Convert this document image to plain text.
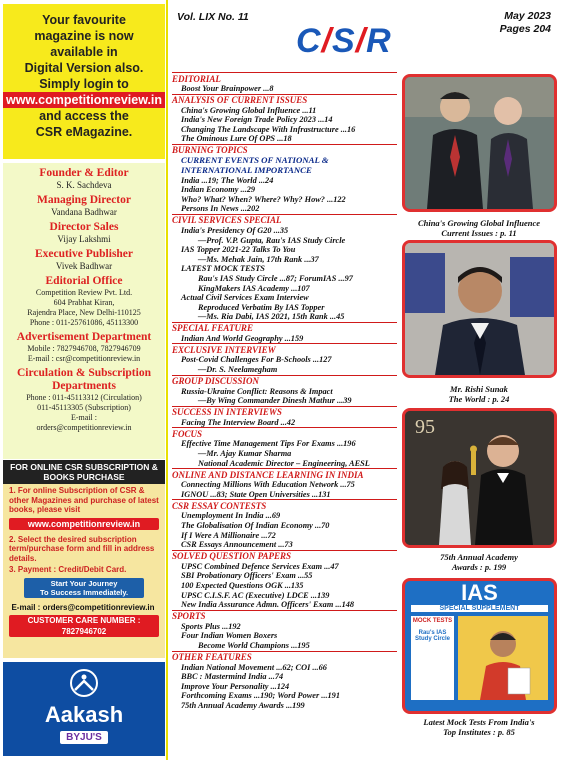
Your favourite
magazine is now
available in
Digital Version also.
Simply login to
www.competitionreview.in
and access the
CSR eMagazine.
Founder & Editor
S. K. Sachdeva
Managing Director
Vandana Badhwar
Director Sales
Vijay Lakshmi
Executive Publisher
Vivek Badhwar
Editorial Office
Competition Review Pvt. Ltd.
604 Prabhat Kiran,
Rajendra Place, New Delhi-110125
Phone : 011-25761086, 45113300
Advertisement Department
Mobile : 7827946708, 7827946709
E-mail : csr@competitionreview.in
Circulation & Subscription Departments
Phone : 011-45113312 (Circulation)
011-45113305 (Subscription)
E-mail :
orders@competitionreview.in
FOR ONLINE CSR SUBSCRIPTION & BOOKS PURCHASE
1. For online Subscription of CSR & other Magazines and purchase of latest books, please visit
www.competitionreview.in
2. Select the desired subscription term/purchase form and fill in address details.
3. Payment : Credit/Debit Card.
Start Your Journey
To Success Immediately.
E-mail : orders@competitionreview.in
CUSTOMER CARE NUMBER :
7827946702
Aakash
BYJU'S
Vol. LIX No. 11
C/S/R
May 2023
Pages 204
EDITORIAL
Boost Your Brainpower ...8
ANALYSIS OF CURRENT ISSUES
China's Growing Global Influence ...11
India's New Foreign Trade Policy 2023 ...14
Changing The Landscape With Infrastructure ...16
The Ominous Lure Of OPS ...18
BURNING TOPICS
CURRENT EVENTS OF NATIONAL &
INTERNATIONAL IMPORTANCE
India ...19; The World ...24
Indian Economy ...29
Who? What? When? Where? Why? How? ...122
Persons In News ...202
CIVIL SERVICES SPECIAL
India's Presidency Of G20 ...35
—Prof. V.P. Gupta, Rau's IAS Study Circle
IAS Topper 2021-22 Talks To You
—Ms. Mehak Jain, 17th Rank ...37
LATEST MOCK TESTS
Rau's IAS Study Circle ...87; ForumIAS ...97
KingMakers IAS Academy ...107
Actual Civil Services Exam Interview
Reproduced Verbatim By IAS Topper
—Ms. Ria Dabi, IAS 2021, 15th Rank ...45
SPECIAL FEATURE
Indian And World Geography ...159
EXCLUSIVE INTERVIEW
Post-Covid Challenges For B-Schools ...127
—Dr. S. Neelamegham
GROUP DISCUSSION
Russia-Ukraine Conflict: Reasons & Impact
—By Wing Commander Dinesh Mathur ...39
SUCCESS IN INTERVIEWS
Facing The Interview Board ...42
FOCUS
Effective Time Management Tips For Exams ...196
—Mr. Ajay Kumar Sharma
National Academic Director – Engineering, AESL
ONLINE AND DISTANCE LEARNING IN INDIA
Connecting Millions With Education Network ...75
IGNOU ...83; State Open Universities ...131
CSR ESSAY CONTESTS
Unemployment In India ...69
The Globalisation Of Indian Economy ...70
If I Were A Millionaire ...72
CSR Essays Announcement ...73
SOLVED QUESTION PAPERS
UPSC Combined Defence Services Exam ...47
SBI Probationary Officers' Exam ...55
100 Expected Questions OGK ...135
UPSC C.I.S.F. AC (Executive) LDCE ...139
New India Assurance Admn. Officers' Exam ...148
SPORTS
Sports Plus ...192
Four Indian Women Boxers
Become World Champions ...195
OTHER FEATURES
Indian National Movement ...62; COI ...66
BBC : Mastermind India ...74
Improve Your Personality ...124
Forthcoming Exams ...190; Word Power ...191
75th Annual Academy Awards ...199
China's Growing Global Influence
Current Issues : p. 11
Mr. Rishi Sunak
The World : p. 24
95
75th Annual Academy
Awards : p. 199
IAS
SPECIAL SUPPLEMENT
MOCK TESTS
Rau's IAS Study Circle
Latest Mock Tests From India's
Top Institutes : p. 85
